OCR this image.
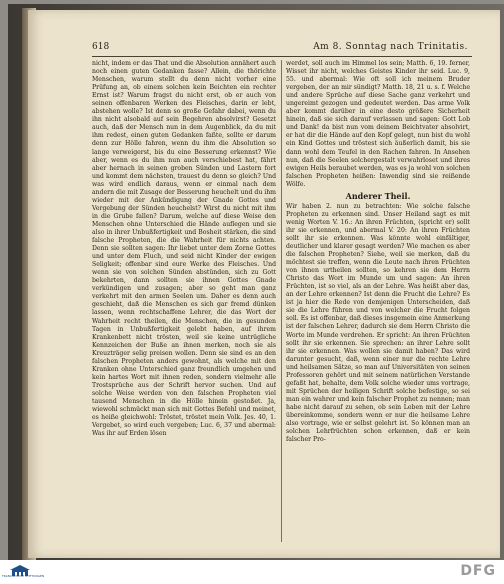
618	Am 8. Sonntag nach Trinitatis.
nicht, indem er das That und die Absolution annähert auch noch einen guten Gedanken fasse? Allein, die thörichte Menschen, warum stellt du denn nicht vorher eine Prüfung an, ob einem solchen kein Beichten ein rechter Ernst ist? Warum fragst du nicht erst, ob er auch von seinen offenbaren Werken des Fleisches, darin er lebt, abstehen wolle? Ist denn so große Gefahr dabei, wenn du ihn nicht alsobald auf sein Begehren absolvirst? Gesetzt auch, daß der Mensch nun in dem Augenblick, da du mit ihm redest, einen guten Gedanken faßte, sollte er darum denn zur Hölle fahren, wenn du ihm die Absolution so lange verweigerst, bis du eine Besserung erkennst? Wie aber, wenn es du ihm nun auch verschiebest hat, fährt aber hernach in seinen groben Sünden und Lastern fort und kommt dem nächsten, trauest du denn so gleich? Und was wird endlich daraus, wenn er einmal nach dem andern die mit Zusage der Besserung heuchelt und du ihm wieder mit der Ankündigung der Gnade Gottes und Vergebung der Sünden heuchelst? Wirst du nicht mit ihm in die Grube fallen? Darum, welche auf diese Weise den Menschen ohne Unterschied die Hände auflegen und sie also in ihrer Unbußfertigkeit und Bosheit stärken, die sind falsche Propheten, die die Wahrheit für nichts achten. Denn sie sollten sagen: Ihr liebet unter dem Zorne Gottes und unter dem Fluch, und seid nicht Kinder der ewigen Seligkeit; offenbar sind eure Werke des Fleisches. Und wenn sie von solchen Sünden abstünden, sich zu Gott bekehrten, dann sollten sie ihnen Gottes Gnade verkündigen und zusagen; aber so geht man ganz verkehrt mit den armen Seelen um. Daher es denn auch geschieht, daß die Menschen es sich gar fremd dünken lassen, wenn rechtschaffene Lehrer, die das Wort der Wahrheit recht theilen, die Menschen, die in gesunden Tagen in Unbußfertigkeit gelebt haben, auf ihrem Krankenbett nicht trösten, weil sie keine untrügliche Kennzeichen der Buße an ihnen merken, noch sie als Kreuzträger selig preisen wollen. Denn sie sind es an den falschen Propheten anders gewohnt, als welche mit den Kranken ohne Unterschied ganz freundlich umgehen und kein hartes Wort mit ihnen reden, sondern vielmehr alle Trostsprüche aus der Schrift hervor suchen. Und auf solche Weise werden von den falschen Propheten viel tausend Menschen in die Hölle hinein gestoßet. Ja, wiewohl schmückt man sich mit Gottes Befehl und meinet, es heiße gleichwohl: Tröstet, tröstet mein Volk. Jes. 40, 1. Vergebet, so wird euch vergeben; Luc. 6, 37 und abermal: Was ihr auf Erden lösen
werdet, soll auch im Himmel los sein; Matth. 6, 19. ferner, Wisset ihr nicht, welches Geistes Kinder ihr seid. Luc. 9, 55. und abermal: Wie oft soll ich meinem Bruder vergeben, der an mir sündigt? Matth. 18, 21 u. s. f. Welche und andere Sprüche auf diese Sache ganz verkehrt und ungereimt gezogen und gedeutet werden. Das arme Volk aber kommt darüber in eine desto größere Sicherheit hinein, daß sie sich darauf verlassen und sagen: Gott Lob und Dank! da bist nun vom deinem Beichtvater absolvirt, er hat dir die Hände auf den Kopf gelegt, nun bist du wohl ein Kind Gottes und tröstest sich äußerlich damit, bis sie dann wohl dem Teufel in den Rachen fahren. In Ansehen nun, daß die Seelen solchergestalt verwahrloset und ihres ewigen Heils beraubet werden, was es ja wohl von solchen falschen Propheten heißen: Inwendig sind sie reißende Wölfe.
Anderer Theil.
Wir haben 2. nun zu betrachten: Wie solche falsche Propheten zu erkennen sind. Unser Heiland sagt es mit wenig Worten V. 16.: An ihren Früchten, (spricht er) sollt ihr sie erkennen, und abermal V. 20: An ihren Früchten sollt ihr sie erkennen. Was könnte wohl einfältiger, deutlicher und klarer gesagt werden? Wie machen es aber die falschen Propheten? Siehe, weil sie merken, daß du möchtest sie treffen, wenn die Leute nach ihren Früchten von ihnen urtheilen sollten, so kehren sie dem Herrn Christo das Wort im Munde um und sagen: An ihren Früchten, ist so viel, als an der Lehre. Was heißt aber das, an der Lehre erkennen? Ist denn die Frucht die Lehre? Es ist ja hier die Rede von demjenigen Unterscheiden, daß sie die Lehre führen und von welcher die Frucht folgen soll. Es ist offenbar, daß dieses insgemein eine Anmerkung ist der falschen Lehrer, dadurch sie dem Herrn Christo die Worte im Munde verdrehen. Er spricht: An ihren Früchten sollt ihr sie erkennen. Sie sprechen: an ihrer Lehre sollt ihr sie erkennen. Was wollen sie damit haben? Das wird darunter gesucht, daß, wenn einer nur die rechte Lehre und heilsamen Sätze, so man auf Universitäten von seinen Professoren gehört und mit seinem natürlichen Verstande gefaßt hat, behalte, dem Volk solche wieder ums vortrage, mit Sprüchen der heiligen Schrift solche befestige, so sei man ein wahrer und kein falscher Prophet zu nennen; man habe nicht darauf zu sehen, ob sein Leben mit der Lehre übereinkomme, sondern wenn er nur die heilsame Lehre also vortrage, wie er selbst gelehrt ist. So können man an solchen Lehrfrüchten schon erkennen, daß er kein falscher Pro-
FRANCKESCHE STIFTUNGEN	DFG
